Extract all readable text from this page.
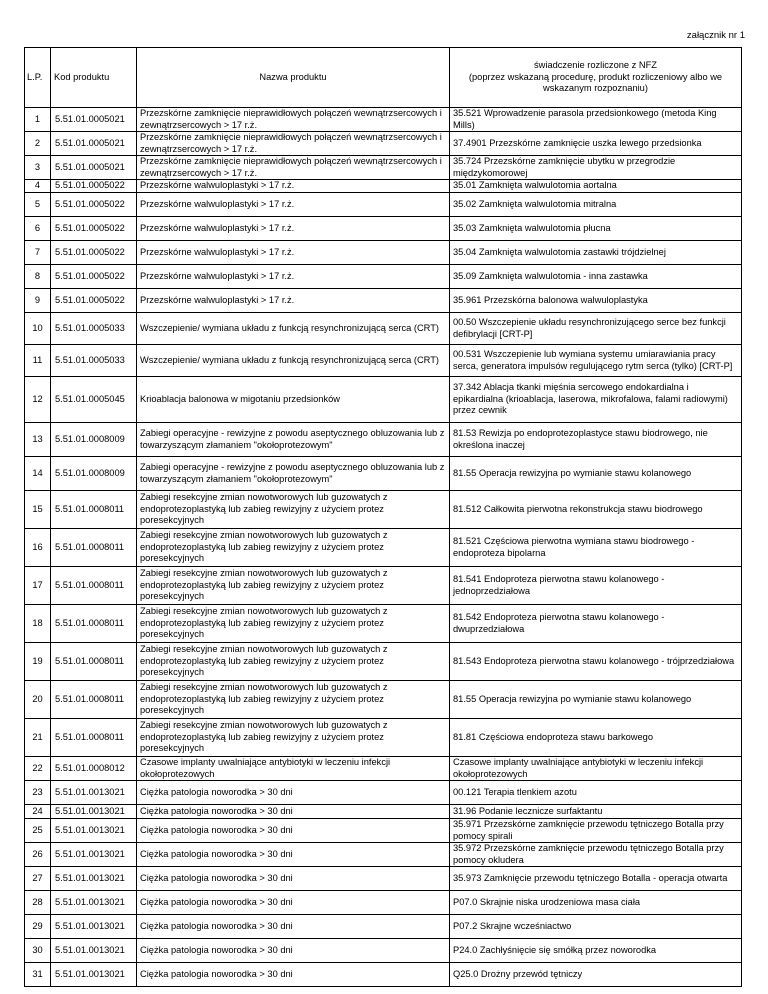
załącznik nr 1
L.P.	Kod produktu	Nazwa produktu	świadczenie rozliczone z NFZ
(poprzez wskazaną procedurę, produkt rozliczeniowy albo we
wskazanym rozpoznaniu)

1	5.51.01.0005021	Przezskórne zamknięcie nieprawidłowych połączeń wewnątrzsercowych i zewnątrzsercowych > 17 r.ż.	35.521 Wprowadzenie parasola przedsionkowego (metoda King Mills)
2	5.51.01.0005021	Przezskórne zamknięcie nieprawidłowych połączeń wewnątrzsercowych i zewnątrzsercowych > 17 r.ż.	37.4901 Przezskórne zamknięcie uszka lewego przedsionka
3	5.51.01.0005021	Przezskórne zamknięcie nieprawidłowych połączeń wewnątrzsercowych i zewnątrzsercowych > 17 r.ż.	35.724 Przezskórne zamknięcie ubytku w przegrodzie międzykomorowej
4	5.51.01.0005022	Przezskórne walwuloplastyki > 17 r.ż.	35.01 Zamknięta walwulotomia aortalna
5	5.51.01.0005022	Przezskórne walwuloplastyki > 17 r.ż.	35.02 Zamknięta walwulotomia mitralna
6	5.51.01.0005022	Przezskórne walwuloplastyki > 17 r.ż.	35.03 Zamknięta walwulotomia płucna
7	5.51.01.0005022	Przezskórne walwuloplastyki > 17 r.ż.	35.04 Zamknięta walwulotomia zastawki trójdzielnej
8	5.51.01.0005022	Przezskórne walwuloplastyki > 17 r.ż.	35.09 Zamknięta walwulotomia - inna zastawka
9	5.51.01.0005022	Przezskórne walwuloplastyki > 17 r.ż.	35.961 Przezskórna balonowa walwuloplastyka
10	5.51.01.0005033	Wszczepienie/ wymiana układu z funkcją resynchronizującą serca (CRT)	00.50 Wszczepienie układu resynchronizującego serce bez funkcji defibrylacji [CRT-P]
11	5.51.01.0005033	Wszczepienie/ wymiana układu z funkcją resynchronizującą serca (CRT)	00.531 Wszczepienie lub wymiana systemu umiarawiania pracy serca, generatora impulsów regulującego rytm serca (tylko) [CRT-P]
12	5.51.01.0005045	Krioablacja balonowa w migotaniu przedsionków	37.342 Ablacja tkanki mięśnia sercowego endokardialna i epikardialna (krioablacja, laserowa, mikrofalowa, falami radiowymi) przez cewnik
13	5.51.01.0008009	Zabiegi operacyjne - rewizyjne z powodu aseptycznego obluzowania lub z towarzyszącym złamaniem "okołoprotezowym"	81.53 Rewizja po endoprotezoplastyce stawu biodrowego, nie określona inaczej
14	5.51.01.0008009	Zabiegi operacyjne - rewizyjne z powodu aseptycznego obluzowania lub z towarzyszącym złamaniem "okołoprotezowym"	81.55 Operacja rewizyjna po wymianie stawu kolanowego
15	5.51.01.0008011	Zabiegi resekcyjne zmian nowotworowych lub guzowatych z endoprotezoplastyką lub zabieg rewizyjny z użyciem protez poresekcyjnych	81.512 Całkowita pierwotna rekonstrukcja stawu biodrowego
16	5.51.01.0008011	Zabiegi resekcyjne zmian nowotworowych lub guzowatych z endoprotezoplastyką lub zabieg rewizyjny z użyciem protez poresekcyjnych	81.521 Częściowa pierwotna wymiana stawu biodrowego - endoproteza bipolarna
17	5.51.01.0008011	Zabiegi resekcyjne zmian nowotworowych lub guzowatych z endoprotezoplastyką lub zabieg rewizyjny z użyciem protez poresekcyjnych	81.541 Endoproteza pierwotna stawu kolanowego - jednoprzedziałowa
18	5.51.01.0008011	Zabiegi resekcyjne zmian nowotworowych lub guzowatych z endoprotezoplastyką lub zabieg rewizyjny z użyciem protez poresekcyjnych	81.542 Endoproteza pierwotna stawu kolanowego - dwuprzedziałowa
19	5.51.01.0008011	Zabiegi resekcyjne zmian nowotworowych lub guzowatych z endoprotezoplastyką lub zabieg rewizyjny z użyciem protez poresekcyjnych	81.543 Endoproteza pierwotna stawu kolanowego - trójprzedziałowa
20	5.51.01.0008011	Zabiegi resekcyjne zmian nowotworowych lub guzowatych z endoprotezoplastyką lub zabieg rewizyjny z użyciem protez poresekcyjnych	81.55 Operacja rewizyjna po wymianie stawu kolanowego
21	5.51.01.0008011	Zabiegi resekcyjne zmian nowotworowych lub guzowatych z endoprotezoplastyką lub zabieg rewizyjny z użyciem protez poresekcyjnych	81.81 Częściowa endoproteza stawu barkowego
22	5.51.01.0008012	Czasowe implanty uwalniające antybiotyki w leczeniu infekcji okołoprotezowych	Czasowe implanty uwalniające antybiotyki w leczeniu infekcji okołoprotezowych
23	5.51.01.0013021	Ciężka patologia noworodka > 30 dni	00.121 Terapia tlenkiem azotu
24	5.51.01.0013021	Ciężka patologia noworodka > 30 dni	31.96 Podanie lecznicze surfaktantu
25	5.51.01.0013021	Ciężka patologia noworodka > 30 dni	35.971 Przezskórne zamknięcie przewodu tętniczego Botalla przy pomocy spirali
26	5.51.01.0013021	Ciężka patologia noworodka > 30 dni	35.972 Przezskórne zamknięcie przewodu tętniczego Botalla przy pomocy okludera
27	5.51.01.0013021	Ciężka patologia noworodka > 30 dni	35.973 Zamknięcie przewodu tętniczego Botalla - operacja otwarta
28	5.51.01.0013021	Ciężka patologia noworodka > 30 dni	P07.0 Skrajnie niska urodzeniowa masa ciała
29	5.51.01.0013021	Ciężka patologia noworodka > 30 dni	P07.2 Skrajne wcześniactwo
30	5.51.01.0013021	Ciężka patologia noworodka > 30 dni	P24.0 Zachłyśnięcie się smółką przez noworodka
31	5.51.01.0013021	Ciężka patologia noworodka > 30 dni	Q25.0 Drożny przewód tętniczy
